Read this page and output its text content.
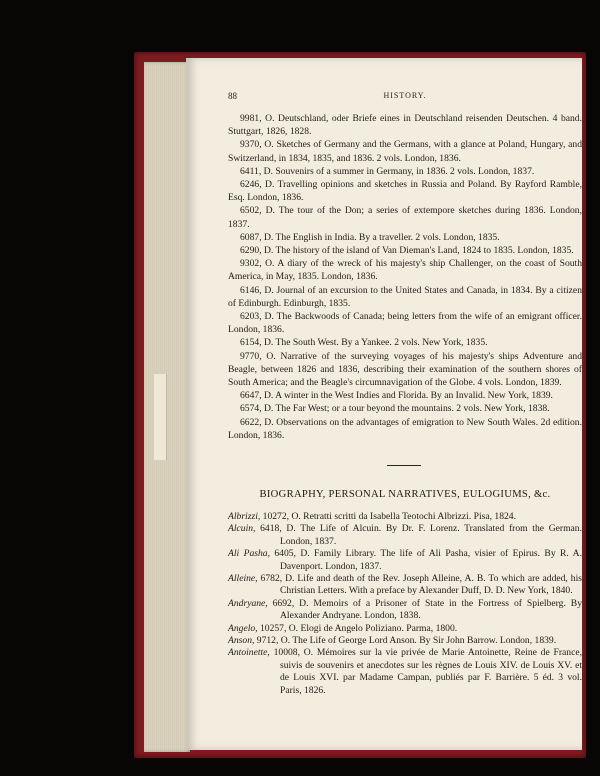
88	HISTORY.

9981, O. Deutschland, oder Briefe eines in Deutschland reisenden Deutschen. 4 band. Stuttgart, 1826, 1828.

9370, O. Sketches of Germany and the Germans, with a glance at Poland, Hungary, and Switzerland, in 1834, 1835, and 1836. 2 vols. London, 1836.

6411, D. Souvenirs of a summer in Germany, in 1836. 2 vols. London, 1837.

6246, D. Travelling opinions and sketches in Russia and Poland. By Rayford Ramble, Esq. London, 1836.

6502, D. The tour of the Don; a series of extempore sketches during 1836. London, 1837.

6087, D. The English in India. By a traveller. 2 vols. London, 1835.

6290, D. The history of the island of Van Dieman's Land, 1824 to 1835. London, 1835.

9302, O. A diary of the wreck of his majesty's ship Challenger, on the coast of South America, in May, 1835. London, 1836.

6146, D. Journal of an excursion to the United States and Canada, in 1834. By a citizen of Edinburgh. Edinburgh, 1835.

6203, D. The Backwoods of Canada; being letters from the wife of an emigrant officer. London, 1836.

6154, D. The South West. By a Yankee. 2 vols. New York, 1835.

9770, O. Narrative of the surveying voyages of his majesty's ships Adventure and Beagle, between 1826 and 1836, describing their examination of the southern shores of South America; and the Beagle's circumnavigation of the Globe. 4 vols. London, 1839.

6647, D. A winter in the West Indies and Florida. By an Invalid. New York, 1839.

6574, D. The Far West; or a tour beyond the mountains. 2 vols. New York, 1838.

6622, D. Observations on the advantages of emigration to New South Wales. 2d edition. London, 1836.

BIOGRAPHY, PERSONAL NARRATIVES, EULOGIUMS, &c.

Albrizzi, 10272, O. Retratti scritti da Isabella Teotochi Albrizzi. Pisa, 1824.

Alcuin, 6418, D. The Life of Alcuin. By Dr. F. Lorenz. Translated from the German. London, 1837.

Ali Pasha, 6405, D. Family Library. The life of Ali Pasha, visier of Epirus. By R. A. Davenport. London, 1837.

Alleine, 6782, D. Life and death of the Rev. Joseph Alleine, A. B. To which are added, his Christian Letters. With a preface by Alexander Duff, D. D. New York, 1840.

Andryane, 6692, D. Memoirs of a Prisoner of State in the Fortress of Spielberg. By Alexander Andryane. London, 1838.

Angelo, 10257, O. Elogi de Angelo Poliziano. Parma, 1800.

Anson, 9712, O. The Life of George Lord Anson. By Sir John Barrow. London, 1839.

Antoinette, 10008, O. Mémoires sur la vie privée de Marie Antoinette, Reine de France, suivis de souvenirs et anecdotes sur les règnes de Louis XIV. de Louis XV. et de Louis XVI. par Madame Campan, publiés par F. Barrière. 5 éd. 3 vol. Paris, 1826.
